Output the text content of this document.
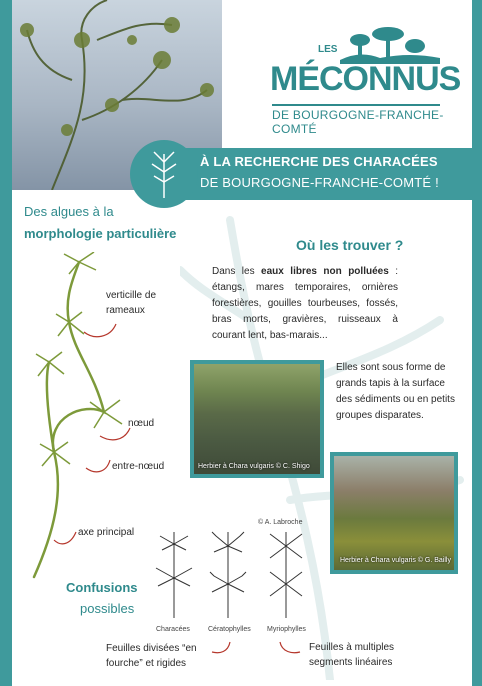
LES
MÉCONNUS
DE BOURGOGNE-FRANCHE-COMTÉ
À LA RECHERCHE DES CHARACÉES
DE BOURGOGNE-FRANCHE-COMTÉ !
Des algues à la
morphologie particulière
verticille de
rameaux
nœud
entre-nœud
axe principal
Où les trouver ?
Dans les eaux libres non polluées : étangs, mares temporaires, ornières forestières, gouilles tourbeuses, fossés, bras morts, gravières, ruisseaux à courant lent, bas-marais...
Herbier à Chara vulgaris © C. Shigo
Elles sont sous forme de grands tapis à la surface des sédiments ou en petits groupes disparates.
Herbier à Chara vulgaris © G. Bailly
Confusions
possibles
© A. Labroche
Characées	Cératophylles Myriophylles
Feuilles divisées “en fourche” et rigides
Feuilles à multiples segments linéaires
